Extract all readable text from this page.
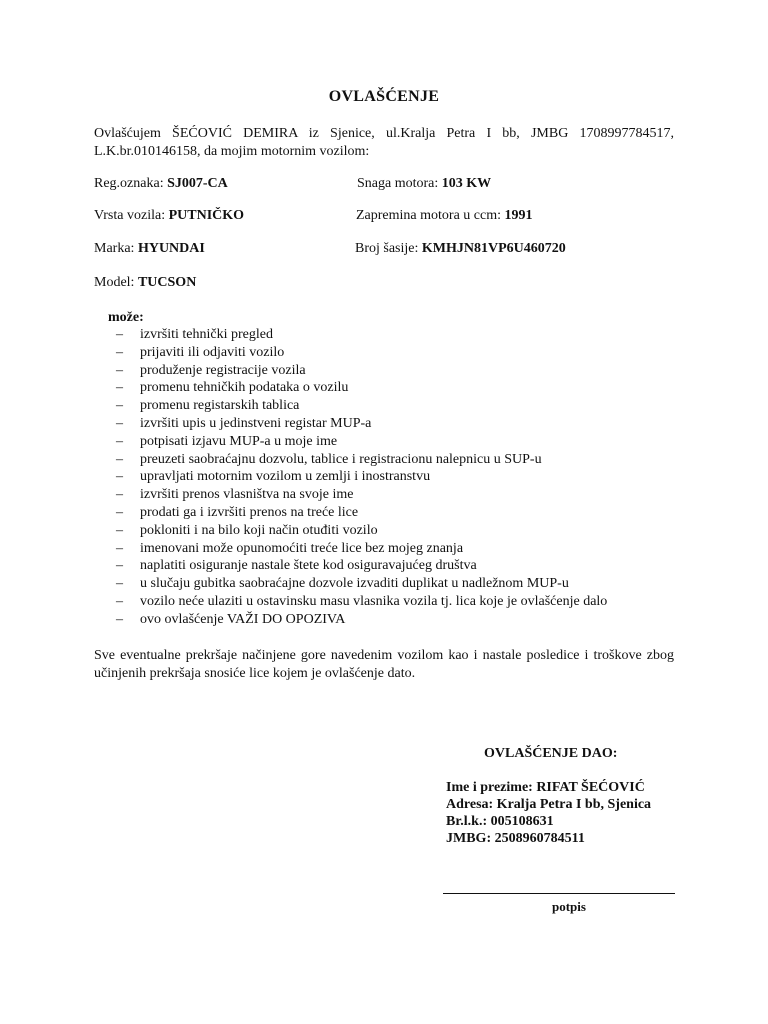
OVLAŠĆENJE
Ovlašćujem ŠEĆOVIĆ DEMIRA iz Sjenice, ul.Kralja Petra I bb, JMBG 1708997784517, L.K.br.010146158, da mojim motornim vozilom:
Reg.oznaka: SJ007-CA	Snaga motora: 103 KW
Vrsta vozila: PUTNIČKO	Zapremina motora u ccm: 1991
Marka: HYUNDAI	Broj šasije: KMHJN81VP6U460720
Model: TUCSON
može:
– izvršiti tehnički pregled
– prijaviti ili odjaviti vozilo
– produženje registracije vozila
– promenu tehničkih podataka o vozilu
– promenu registarskih tablica
– izvršiti upis u jedinstveni registar MUP-a
– potpisati izjavu MUP-a u moje ime
– preuzeti saobraćajnu dozvolu, tablice i registracionu nalepnicu u SUP-u
– upravljati motornim vozilom u zemlji i inostranstvu
– izvršiti prenos vlasništva na svoje ime
– prodati ga i izvršiti prenos na treće lice
– pokloniti i na bilo koji način otuđiti vozilo
– imenovani može opunomoćiti treće lice bez mojeg znanja
– naplatiti osiguranje nastale štete kod osiguravajućeg društva
– u slučaju gubitka saobraćajne dozvole izvaditi duplikat u nadležnom MUP-u
– vozilo neće ulaziti u ostavinsku masu vlasnika vozila tj. lica koje je ovlašćenje dalo
– ovo ovlašćenje VAŽI DO OPOZIVA
Sve eventualne prekršaje načinjene gore navedenim vozilom kao i nastale posledice i troškove zbog učinjenih prekršaja snosiće lice kojem je ovlašćenje dato.
OVLAŠĆENJE DAO:
Ime i prezime: RIFAT ŠEĆOVIĆ
Adresa: Kralja Petra I bb, Sjenica
Br.l.k.: 005108631
JMBG: 2508960784511
potpis
